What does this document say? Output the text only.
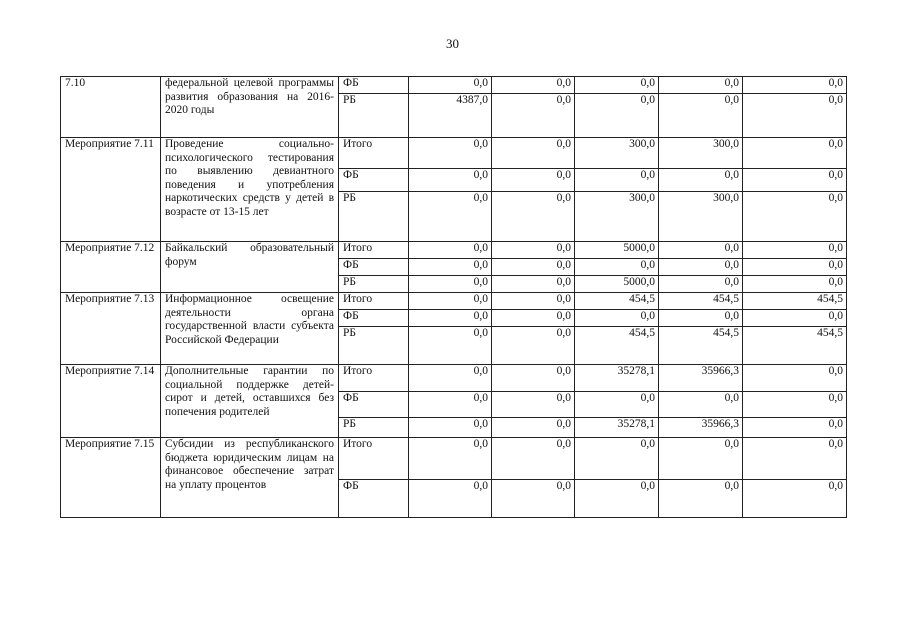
30
7.10	федеральной целевой программы развития образования на 2016-2020 годы	ФБ	0,0	0,0	0,0	0,0	0,0
		РБ	4387,0	0,0	0,0	0,0	0,0
Мероприятие 7.11	Проведение социально-психологического тестирования по выявлению девиантного поведения и употребления наркотических средств у детей в возрасте от 13-15 лет	Итого	0,0	0,0	300,0	300,0	0,0
		ФБ	0,0	0,0	0,0	0,0	0,0
		РБ	0,0	0,0	300,0	300,0	0,0
Мероприятие 7.12	Байкальский образовательный форум	Итого	0,0	0,0	5000,0	0,0	0,0
		ФБ	0,0	0,0	0,0	0,0	0,0
		РБ	0,0	0,0	5000,0	0,0	0,0
Мероприятие 7.13	Информационное освещение деятельности органа государственной власти субъекта Российской Федерации	Итого	0,0	0,0	454,5	454,5	454,5
		ФБ	0,0	0,0	0,0	0,0	0,0
		РБ	0,0	0,0	454,5	454,5	454,5
Мероприятие 7.14	Дополнительные гарантии по социальной поддержке детей-сирот и детей, оставшихся без попечения родителей	Итого	0,0	0,0	35278,1	35966,3	0,0
		ФБ	0,0	0,0	0,0	0,0	0,0
		РБ	0,0	0,0	35278,1	35966,3	0,0
Мероприятие 7.15	Субсидии из республиканского бюджета юридическим лицам на финансовое обеспечение затрат на уплату процентов	Итого	0,0	0,0	0,0	0,0	0,0
		ФБ	0,0	0,0	0,0	0,0	0,0
